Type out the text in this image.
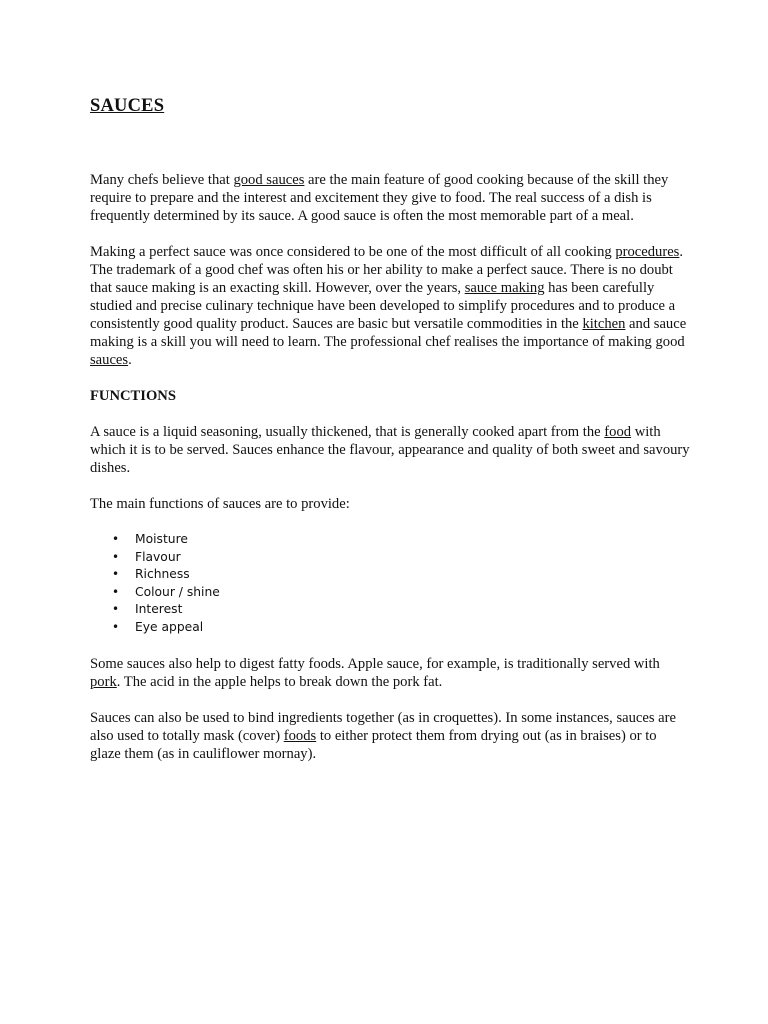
SAUCES

Many chefs believe that good sauces are the main feature of good cooking because of the skill they require to prepare and the interest and excitement they give to food. The real success of a dish is frequently determined by its sauce. A good sauce is often the most memorable part of a meal.

Making a perfect sauce was once considered to be one of the most difficult of all cooking procedures. The trademark of a good chef was often his or her ability to make a perfect sauce. There is no doubt that sauce making is an exacting skill. However, over the years, sauce making has been carefully studied and precise culinary technique have been developed to simplify procedures and to produce a consistently good quality product. Sauces are basic but versatile commodities in the kitchen and sauce making is a skill you will need to learn. The professional chef realises the importance of making good sauces.

FUNCTIONS

A sauce is a liquid seasoning, usually thickened, that is generally cooked apart from the food with which it is to be served. Sauces enhance the flavour, appearance and quality of both sweet and savoury dishes.

The main functions of sauces are to provide:

• Moisture
• Flavour
• Richness
• Colour / shine
• Interest
• Eye appeal

Some sauces also help to digest fatty foods. Apple sauce, for example, is traditionally served with pork. The acid in the apple helps to break down the pork fat.

Sauces can also be used to bind ingredients together (as in croquettes). In some instances, sauces are also used to totally mask (cover) foods to either protect them from drying out (as in braises) or to glaze them (as in cauliflower mornay).
